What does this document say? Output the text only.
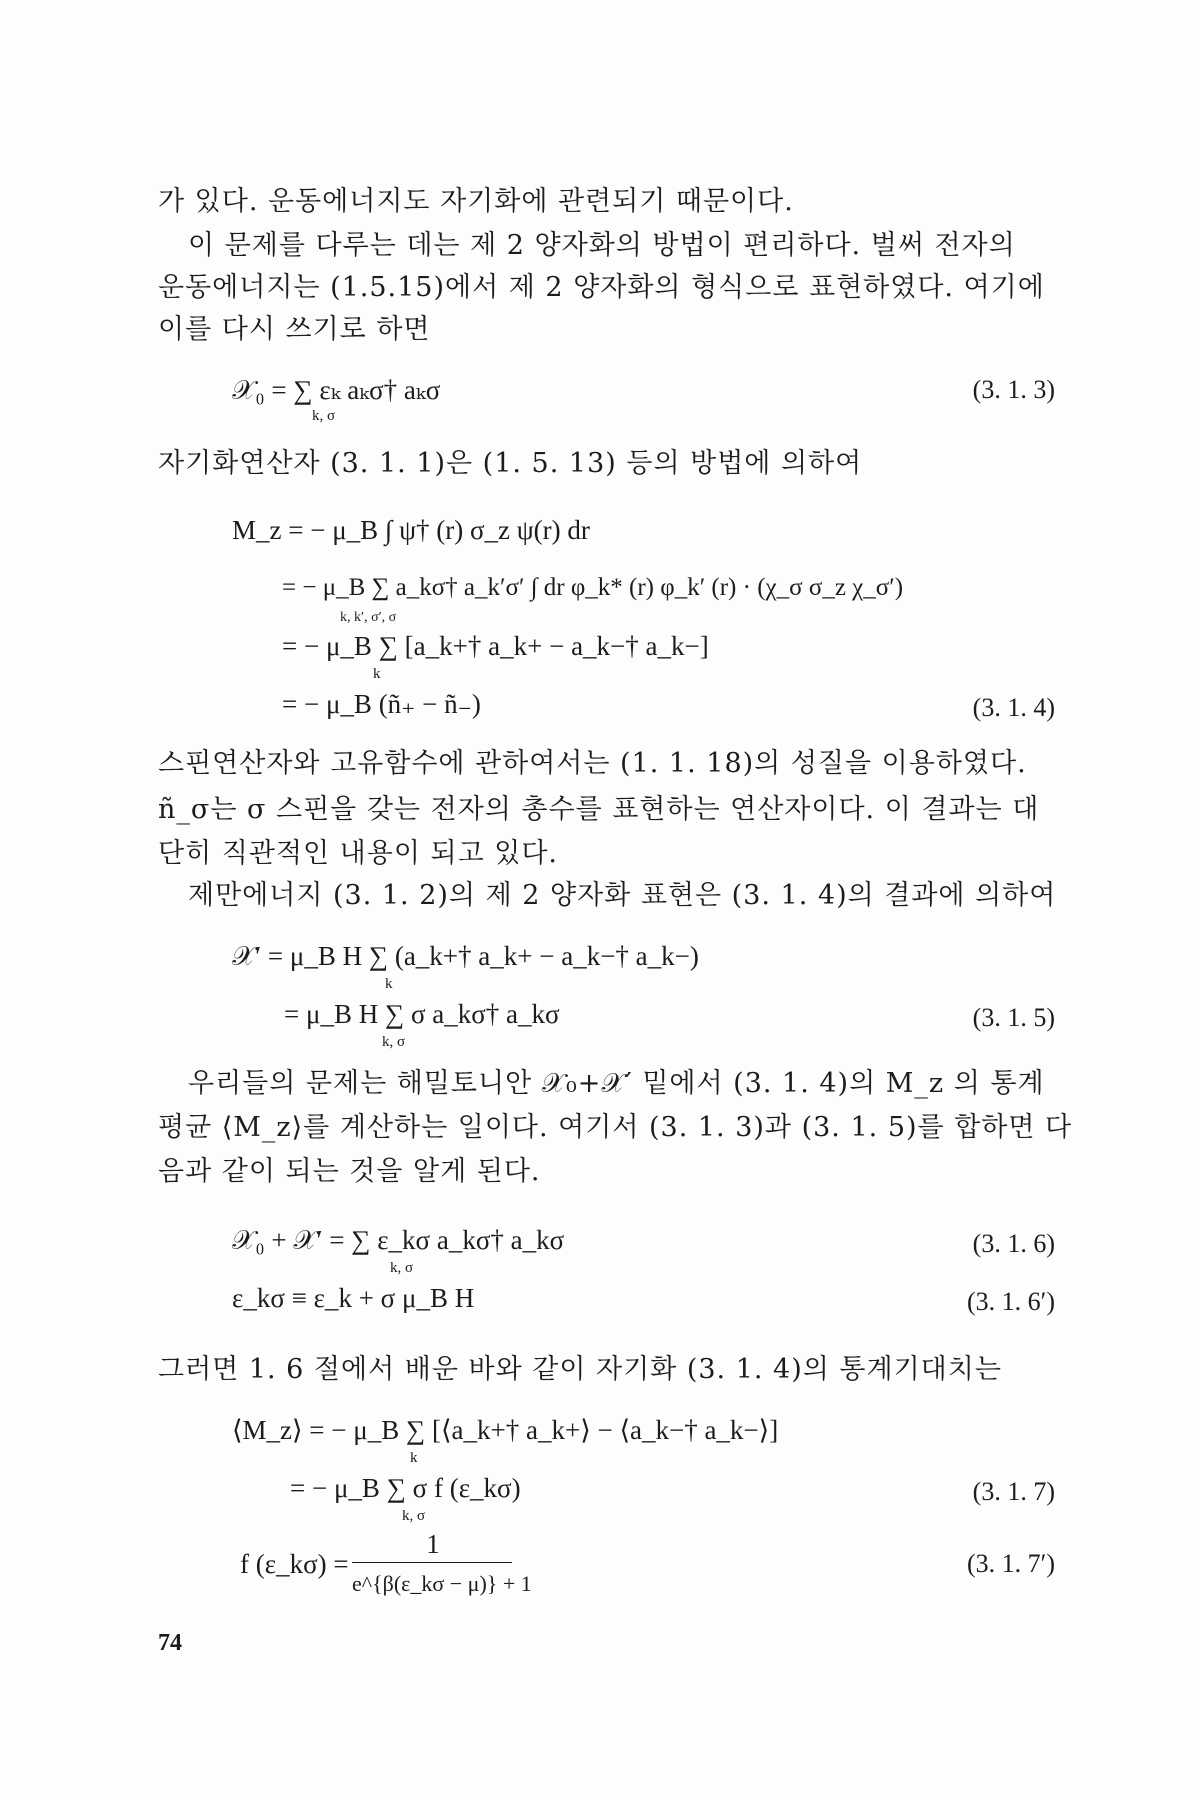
가 있다. 운동에너지도 자기화에 관련되기 때문이다.
이 문제를 다루는 데는 제 2 양자화의 방법이 편리하다. 벌써 전자의
운동에너지는 (1.5.15)에서 제 2 양자화의 형식으로 표현하였다. 여기에
이를 다시 쓰기로 하면
𝒳₀ = ∑ εₖ aₖσ† aₖσ
k, σ
(3. 1. 3)
자기화연산자 (3. 1. 1)은 (1. 5. 13) 등의 방법에 의하여
M_z = − μ_B ∫ ψ† (r) σ_z ψ(r) dr
= − μ_B ∑ a_kσ† a_k′σ′ ∫ dr φ_k* (r) φ_k′ (r) · (χ_σ σ_z χ_σ′)
k, k′, σ′, σ
= − μ_B ∑ [a_k+† a_k+ − a_k−† a_k−]
k
= − μ_B (ñ₊ − ñ₋)	(3. 1. 4)
스핀연산자와 고유함수에 관하여서는 (1. 1. 18)의 성질을 이용하였다.
ñ_σ는 σ 스핀을 갖는 전자의 총수를 표현하는 연산자이다. 이 결과는 대
단히 직관적인 내용이 되고 있다.
제만에너지 (3. 1. 2)의 제 2 양자화 표현은 (3. 1. 4)의 결과에 의하여
𝒳′ = μ_B H ∑ (a_k+† a_k+ − a_k−† a_k−)
k
= μ_B H ∑ σ a_kσ† a_kσ
k, σ
(3. 1. 5)
우리들의 문제는 해밀토니안 𝒳₀+𝒳′ 밑에서 (3. 1. 4)의 M_z 의 통계
평균 ⟨M_z⟩를 계산하는 일이다. 여기서 (3. 1. 3)과 (3. 1. 5)를 합하면 다
음과 같이 되는 것을 알게 된다.
𝒳₀ + 𝒳′ = ∑ ε_kσ a_kσ† a_kσ
k, σ
(3. 1. 6)
ε_kσ ≡ ε_k + σ μ_B H	(3. 1. 6′)
그러면 1. 6 절에서 배운 바와 같이 자기화 (3. 1. 4)의 통계기대치는
⟨M_z⟩ = − μ_B ∑ [⟨a_k+† a_k+⟩ − ⟨a_k−† a_k−⟩]
k
= − μ_B ∑ σ f (ε_kσ)
k, σ
(3. 1. 7)
f (ε_kσ) =
1
e^{β(ε_kσ − μ)} + 1
(3. 1. 7′)
74
